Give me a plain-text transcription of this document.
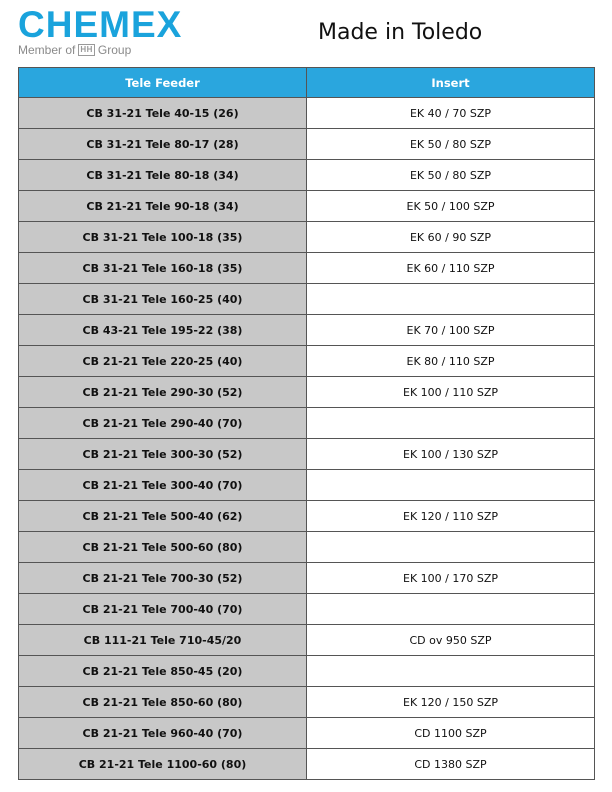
CHEMEX
Member of HH Group
Made in Toledo
Tele Feeder	Insert
CB 31-21 Tele 40-15 (26)	EK 40 / 70 SZP
CB 31-21 Tele 80-17 (28)	EK 50 / 80 SZP
CB 31-21 Tele 80-18 (34)	EK 50 / 80 SZP
CB 21-21 Tele 90-18 (34)	EK 50 / 100 SZP
CB 31-21 Tele 100-18 (35)	EK 60 / 90 SZP
CB 31-21 Tele 160-18 (35)	EK 60 / 110 SZP
CB 31-21 Tele 160-25 (40)	
CB 43-21 Tele 195-22 (38)	EK 70 / 100 SZP
CB 21-21 Tele 220-25 (40)	EK 80 / 110 SZP
CB 21-21 Tele 290-30 (52)	EK 100 / 110 SZP
CB 21-21 Tele 290-40 (70)	
CB 21-21 Tele 300-30 (52)	EK 100 / 130 SZP
CB 21-21 Tele 300-40 (70)	
CB 21-21 Tele 500-40 (62)	EK 120 / 110 SZP
CB 21-21 Tele 500-60 (80)	
CB 21-21 Tele 700-30 (52)	EK 100 / 170 SZP
CB 21-21 Tele 700-40 (70)	
CB 111-21 Tele 710-45/20	CD ov 950 SZP
CB 21-21 Tele 850-45 (20)	
CB 21-21 Tele 850-60 (80)	EK 120 / 150 SZP
CB 21-21 Tele 960-40 (70)	CD 1100 SZP
CB 21-21 Tele 1100-60 (80)	CD 1380 SZP
